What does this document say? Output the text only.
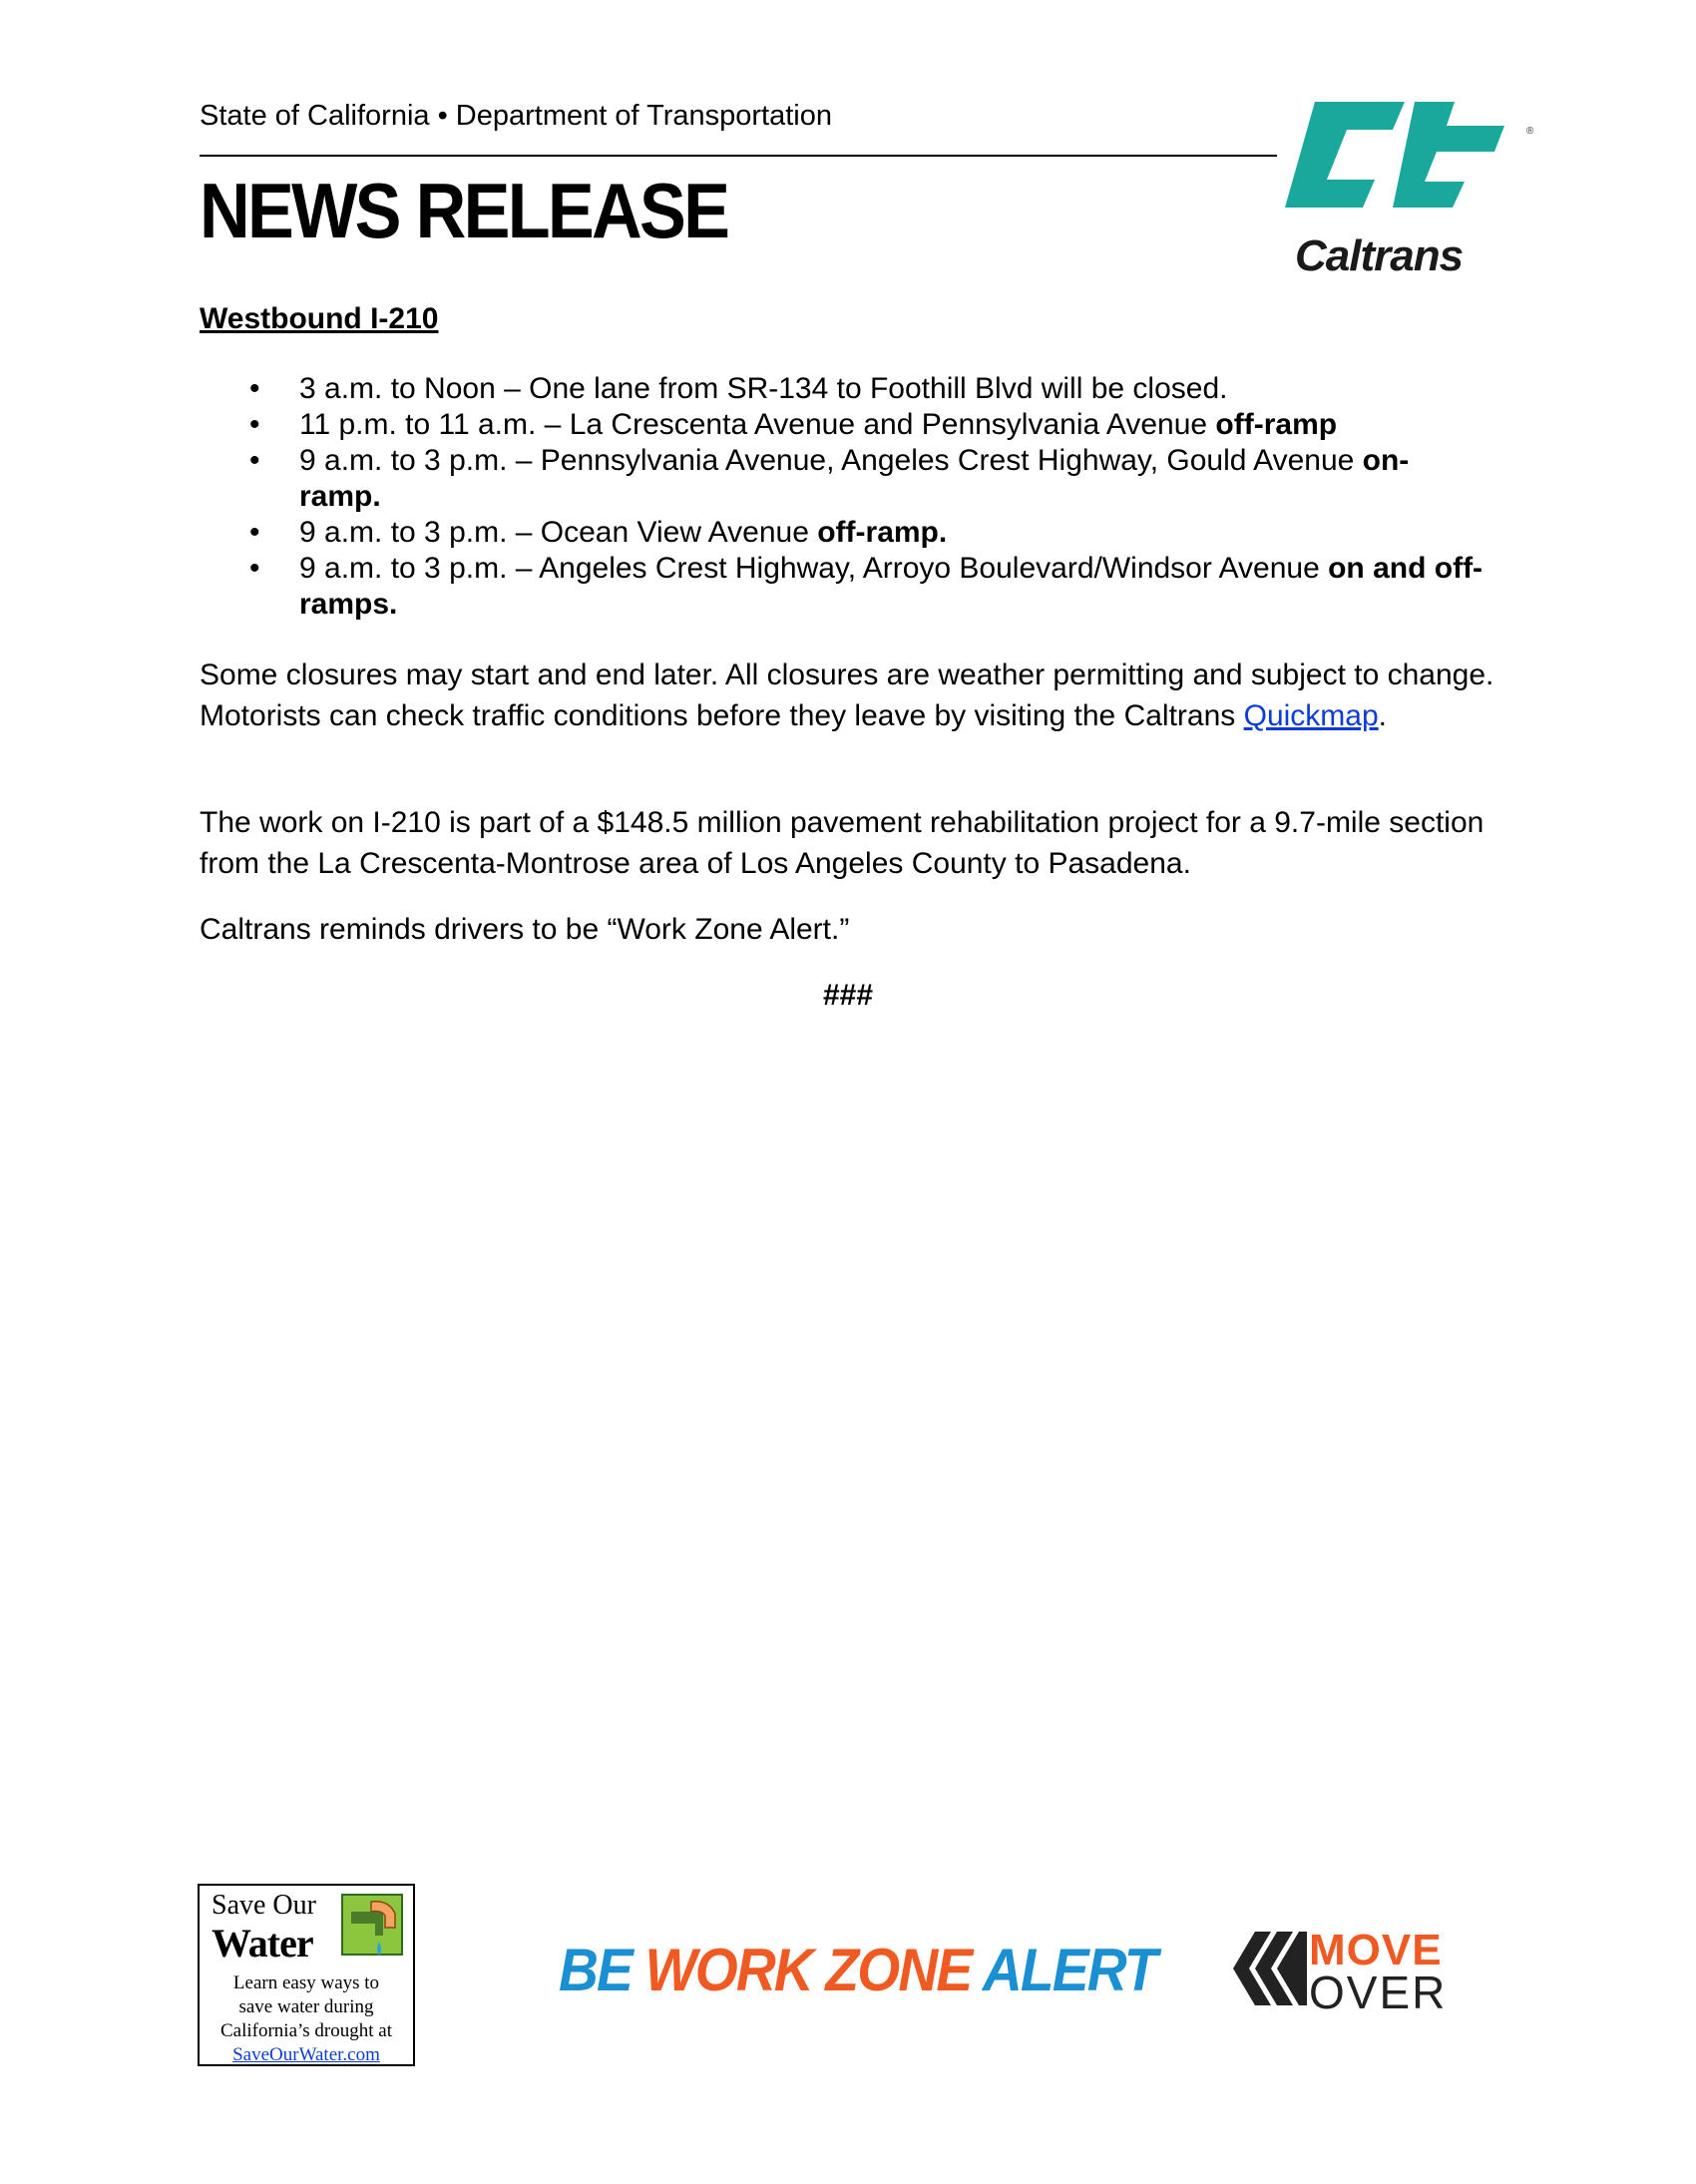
State of California • Department of Transportation
NEWS RELEASE
®
Caltrans
Westbound I-210
• 3 a.m. to Noon – One lane from SR-134 to Foothill Blvd will be closed.
• 11 p.m. to 11 a.m. – La Crescenta Avenue and Pennsylvania Avenue off-ramp
• 9 a.m. to 3 p.m. – Pennsylvania Avenue, Angeles Crest Highway, Gould Avenue on-ramp.
• 9 a.m. to 3 p.m. – Ocean View Avenue off-ramp.
• 9 a.m. to 3 p.m. – Angeles Crest Highway, Arroyo Boulevard/Windsor Avenue on and off-ramps.

Some closures may start and end later. All closures are weather permitting and subject to change. Motorists can check traffic conditions before they leave by visiting the Caltrans Quickmap.

The work on I-210 is part of a $148.5 million pavement rehabilitation project for a 9.7-mile section from the La Crescenta-Montrose area of Los Angeles County to Pasadena.

Caltrans reminds drivers to be “Work Zone Alert.”

###
Save Our
Water
Learn easy ways to
save water during
California’s drought at
SaveOurWater.com
BE WORK ZONE ALERT	MOVE
OVER
